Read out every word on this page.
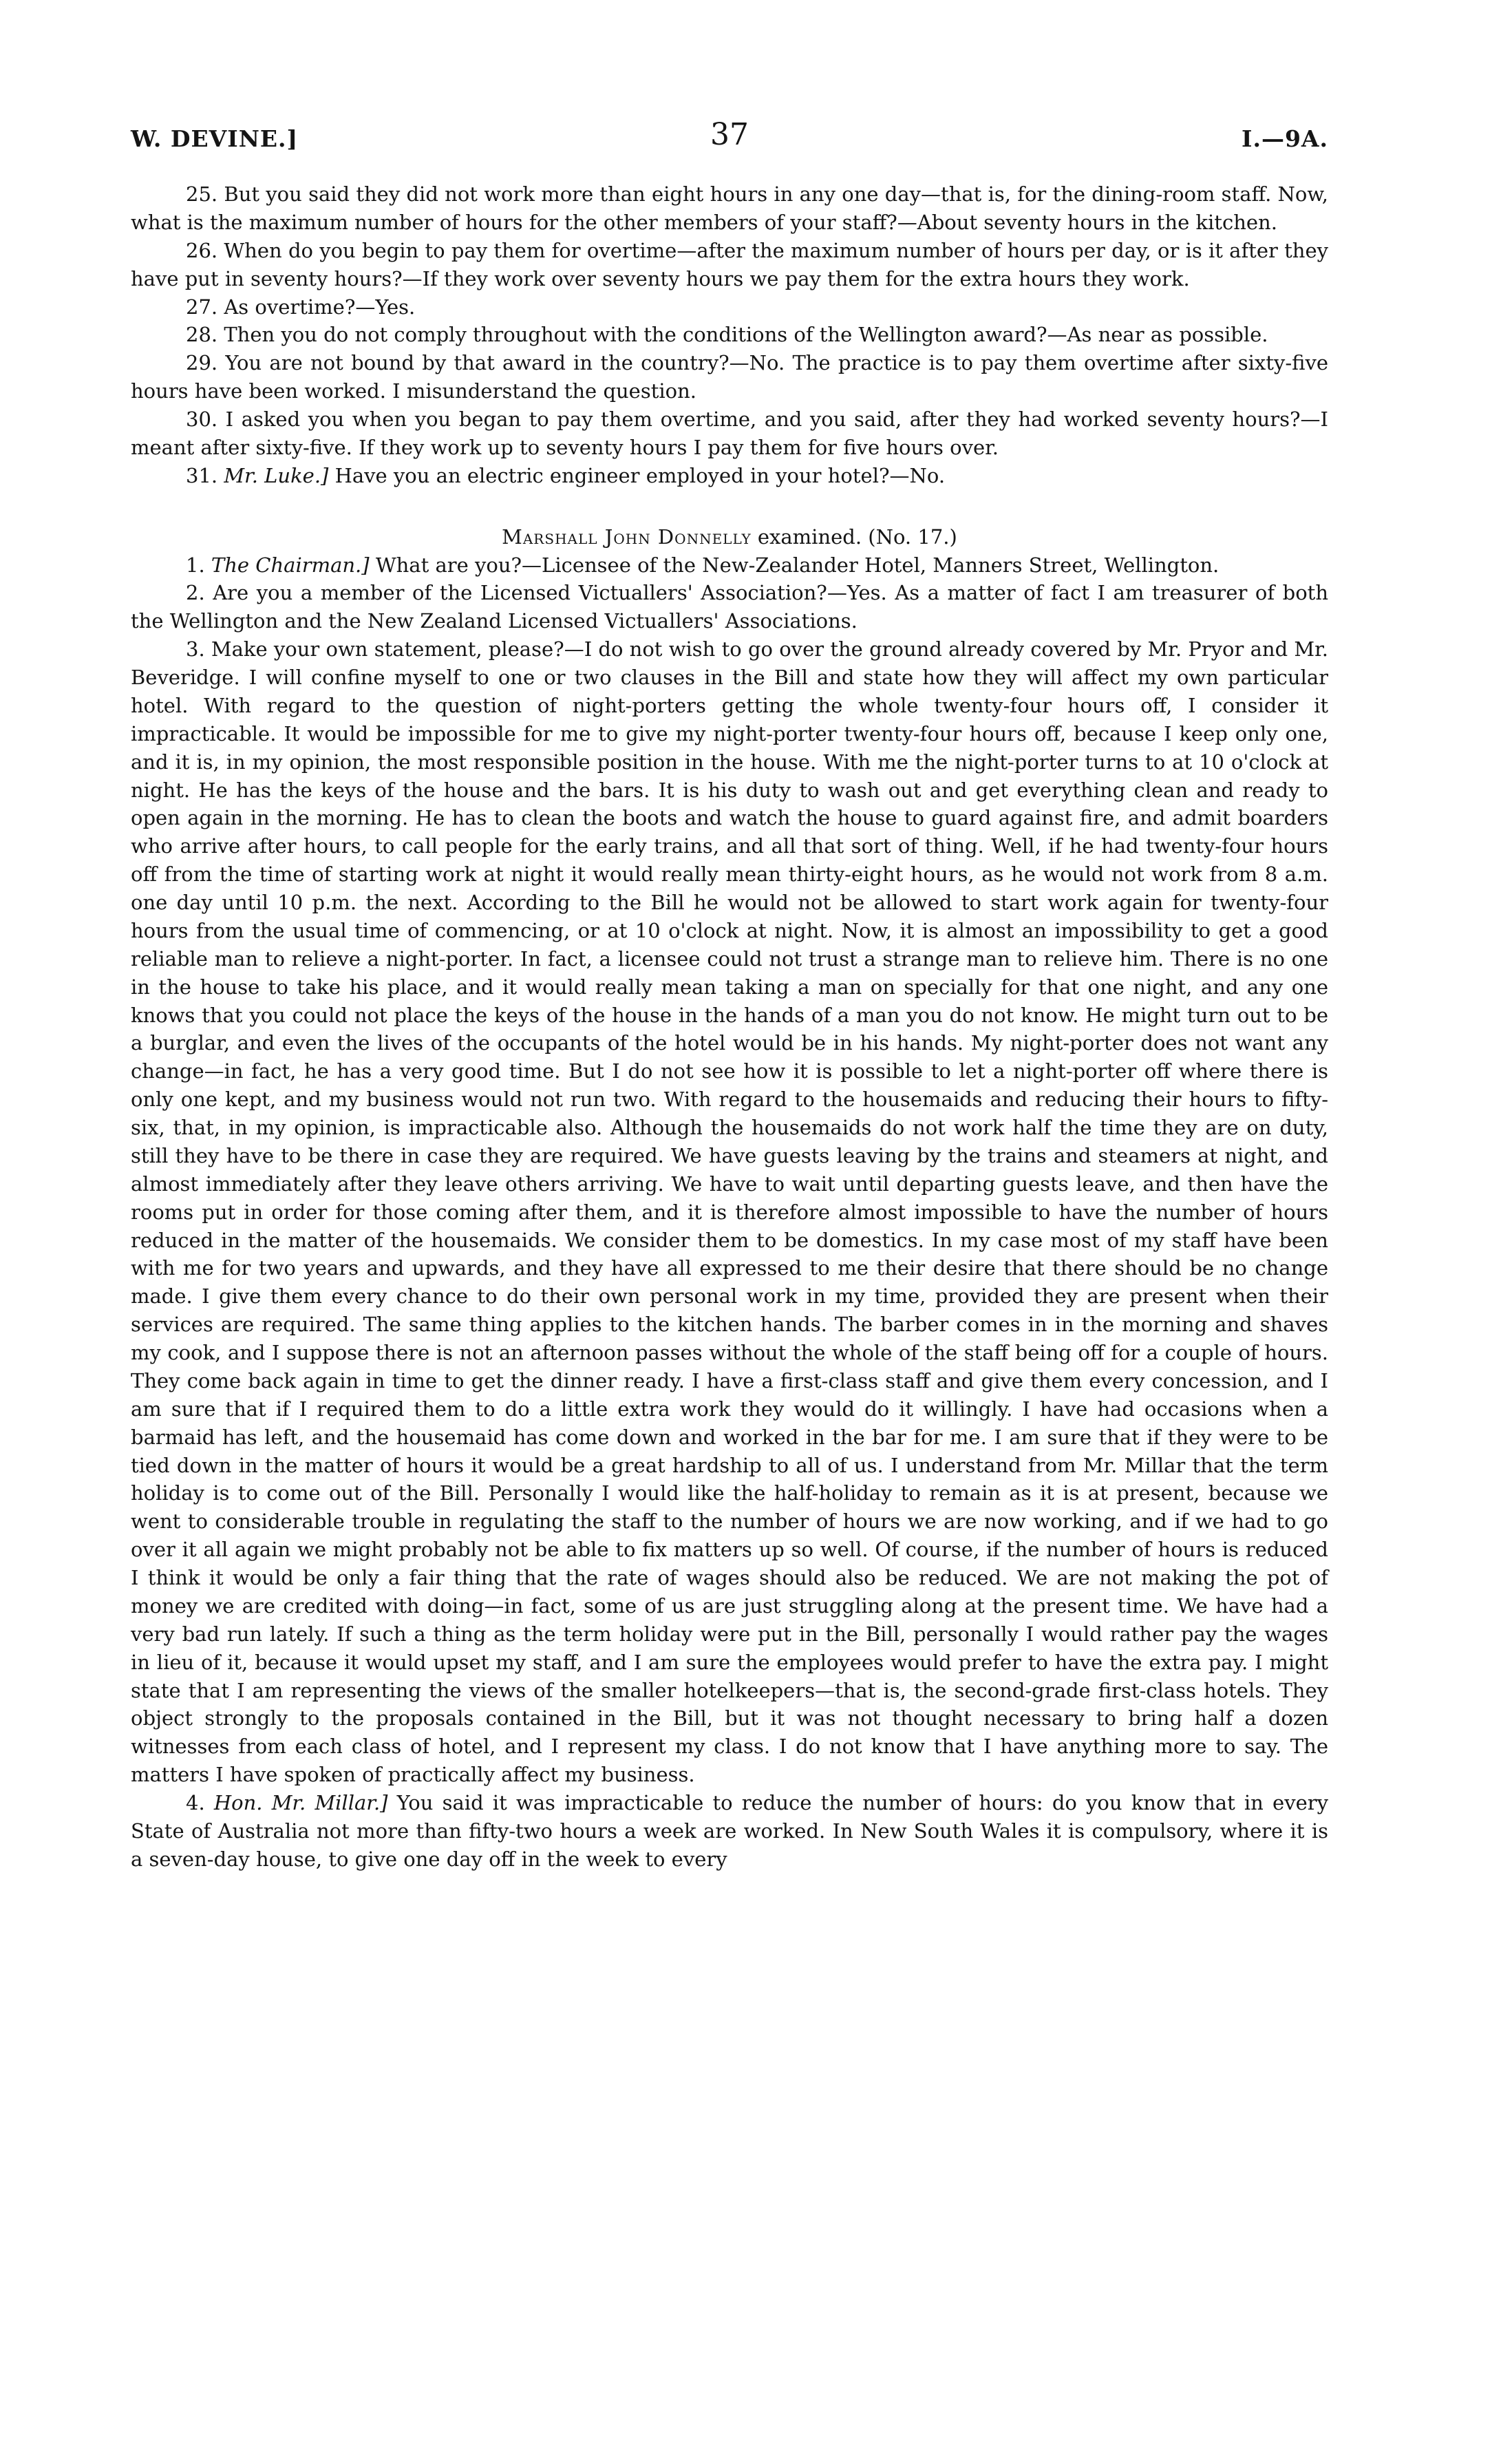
W. DEVINE.]	37	I.—9A.

25. But you said they did not work more than eight hours in any one day—that is, for the dining-room staff. Now, what is the maximum number of hours for the other members of your staff?—About seventy hours in the kitchen.

26. When do you begin to pay them for overtime—after the maximum number of hours per day, or is it after they have put in seventy hours?—If they work over seventy hours we pay them for the extra hours they work.

27. As overtime?—Yes.

28. Then you do not comply throughout with the conditions of the Wellington award?—As near as possible.

29. You are not bound by that award in the country?—No. The practice is to pay them overtime after sixty-five hours have been worked. I misunderstand the question.

30. I asked you when you began to pay them overtime, and you said, after they had worked seventy hours?—I meant after sixty-five. If they work up to seventy hours I pay them for five hours over.

31. Mr. Luke.] Have you an electric engineer employed in your hotel?—No.

Marshall John Donnelly examined. (No. 17.)

1. The Chairman.] What are you?—Licensee of the New-Zealander Hotel, Manners Street, Wellington.

2. Are you a member of the Licensed Victuallers' Association?—Yes. As a matter of fact I am treasurer of both the Wellington and the New Zealand Licensed Victuallers' Associations.

3. Make your own statement, please?—I do not wish to go over the ground already covered by Mr. Pryor and Mr. Beveridge. I will confine myself to one or two clauses in the Bill and state how they will affect my own particular hotel. With regard to the question of night-porters getting the whole twenty-four hours off, I consider it impracticable. It would be impossible for me to give my night-porter twenty-four hours off, because I keep only one, and it is, in my opinion, the most responsible position in the house. With me the night-porter turns to at 10 o'clock at night. He has the keys of the house and the bars. It is his duty to wash out and get everything clean and ready to open again in the morning. He has to clean the boots and watch the house to guard against fire, and admit boarders who arrive after hours, to call people for the early trains, and all that sort of thing. Well, if he had twenty-four hours off from the time of starting work at night it would really mean thirty-eight hours, as he would not work from 8 a.m. one day until 10 p.m. the next. According to the Bill he would not be allowed to start work again for twenty-four hours from the usual time of commencing, or at 10 o'clock at night. Now, it is almost an impossibility to get a good reliable man to relieve a night-porter. In fact, a licensee could not trust a strange man to relieve him. There is no one in the house to take his place, and it would really mean taking a man on specially for that one night, and any one knows that you could not place the keys of the house in the hands of a man you do not know. He might turn out to be a burglar, and even the lives of the occupants of the hotel would be in his hands. My night-porter does not want any change—in fact, he has a very good time. But I do not see how it is possible to let a night-porter off where there is only one kept, and my business would not run two. With regard to the housemaids and reducing their hours to fifty-six, that, in my opinion, is impracticable also. Although the housemaids do not work half the time they are on duty, still they have to be there in case they are required. We have guests leaving by the trains and steamers at night, and almost immediately after they leave others arriving. We have to wait until departing guests leave, and then have the rooms put in order for those coming after them, and it is therefore almost impossible to have the number of hours reduced in the matter of the housemaids. We consider them to be domestics. In my case most of my staff have been with me for two years and upwards, and they have all expressed to me their desire that there should be no change made. I give them every chance to do their own personal work in my time, provided they are present when their services are required. The same thing applies to the kitchen hands. The barber comes in in the morning and shaves my cook, and I suppose there is not an afternoon passes without the whole of the staff being off for a couple of hours. They come back again in time to get the dinner ready. I have a first-class staff and give them every concession, and I am sure that if I required them to do a little extra work they would do it willingly. I have had occasions when a barmaid has left, and the housemaid has come down and worked in the bar for me. I am sure that if they were to be tied down in the matter of hours it would be a great hardship to all of us. I understand from Mr. Millar that the term holiday is to come out of the Bill. Personally I would like the half-holiday to remain as it is at present, because we went to considerable trouble in regulating the staff to the number of hours we are now working, and if we had to go over it all again we might probably not be able to fix matters up so well. Of course, if the number of hours is reduced I think it would be only a fair thing that the rate of wages should also be reduced. We are not making the pot of money we are credited with doing—in fact, some of us are just struggling along at the present time. We have had a very bad run lately. If such a thing as the term holiday were put in the Bill, personally I would rather pay the wages in lieu of it, because it would upset my staff, and I am sure the employees would prefer to have the extra pay. I might state that I am representing the views of the smaller hotelkeepers—that is, the second-grade first-class hotels. They object strongly to the proposals contained in the Bill, but it was not thought necessary to bring half a dozen witnesses from each class of hotel, and I represent my class. I do not know that I have anything more to say. The matters I have spoken of practically affect my business.

4. Hon. Mr. Millar.] You said it was impracticable to reduce the number of hours: do you know that in every State of Australia not more than fifty-two hours a week are worked. In New South Wales it is compulsory, where it is a seven-day house, to give one day off in the week to every
